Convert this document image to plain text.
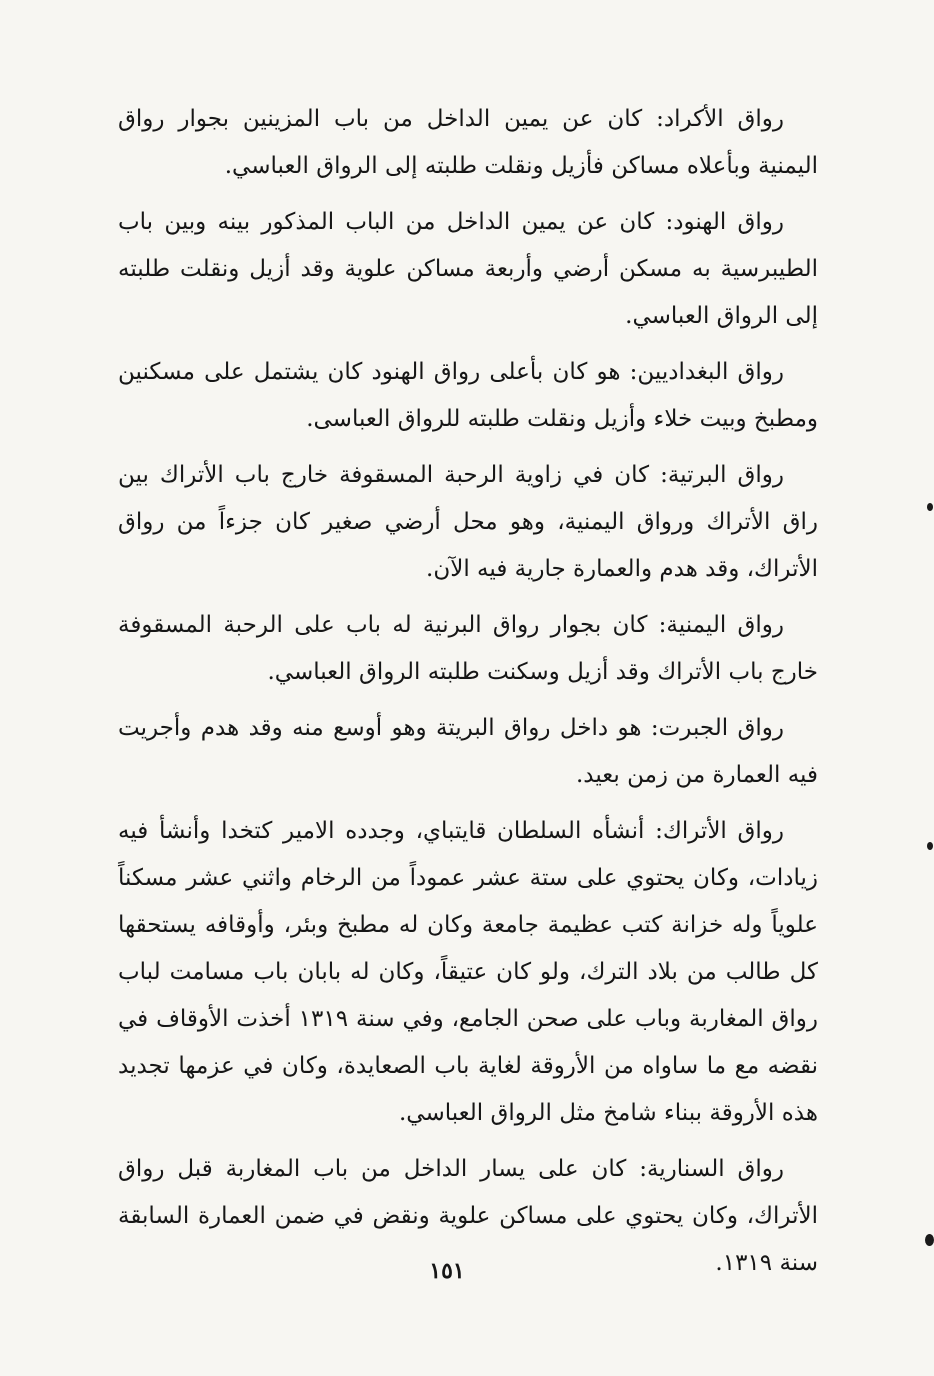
رواق الأكراد: كان عن يمين الداخل من باب المزينين بجوار رواق اليمنية وبأعلاه مساكن فأزيل ونقلت طلبته إلى الرواق العباسي.

رواق الهنود: كان عن يمين الداخل من الباب المذكور بينه وبين باب الطيبرسية به مسكن أرضي وأربعة مساكن علوية وقد أزيل ونقلت طلبته إلى الرواق العباسي.

رواق البغداديين: هو كان بأعلى رواق الهنود كان يشتمل على مسكنين ومطبخ وبيت خلاء وأزيل ونقلت طلبته للرواق العباسى.

رواق البرتية: كان في زاوية الرحبة المسقوفة خارج باب الأتراك بين راق الأتراك ورواق اليمنية، وهو محل أرضي صغير كان جزءاً من رواق الأتراك، وقد هدم والعمارة جارية فيه الآن.

رواق اليمنية: كان بجوار رواق البرنية له باب على الرحبة المسقوفة خارج باب الأتراك وقد أزيل وسكنت طلبته الرواق العباسي.

رواق الجبرت: هو داخل رواق البريتة وهو أوسع منه وقد هدم وأجريت فيه العمارة من زمن بعيد.

رواق الأتراك: أنشأه السلطان قايتباي، وجدده الامير كتخدا وأنشأ فيه زيادات، وكان يحتوي على ستة عشر عموداً من الرخام واثني عشر مسكناً علوياً وله خزانة كتب عظيمة جامعة وكان له مطبخ وبئر، وأوقافه يستحقها كل طالب من بلاد الترك، ولو كان عتيقاً، وكان له بابان باب مسامت لباب رواق المغاربة وباب على صحن الجامع، وفي سنة ١٣١٩ أخذت الأوقاف في نقضه مع ما ساواه من الأروقة لغاية باب الصعايدة، وكان في عزمها تجديد هذه الأروقة ببناء شامخ مثل الرواق العباسي.

رواق السنارية: كان على يسار الداخل من باب المغاربة قبل رواق الأتراك، وكان يحتوي على مساكن علوية ونقض في ضمن العمارة السابقة سنة ١٣١٩.

١٥١
